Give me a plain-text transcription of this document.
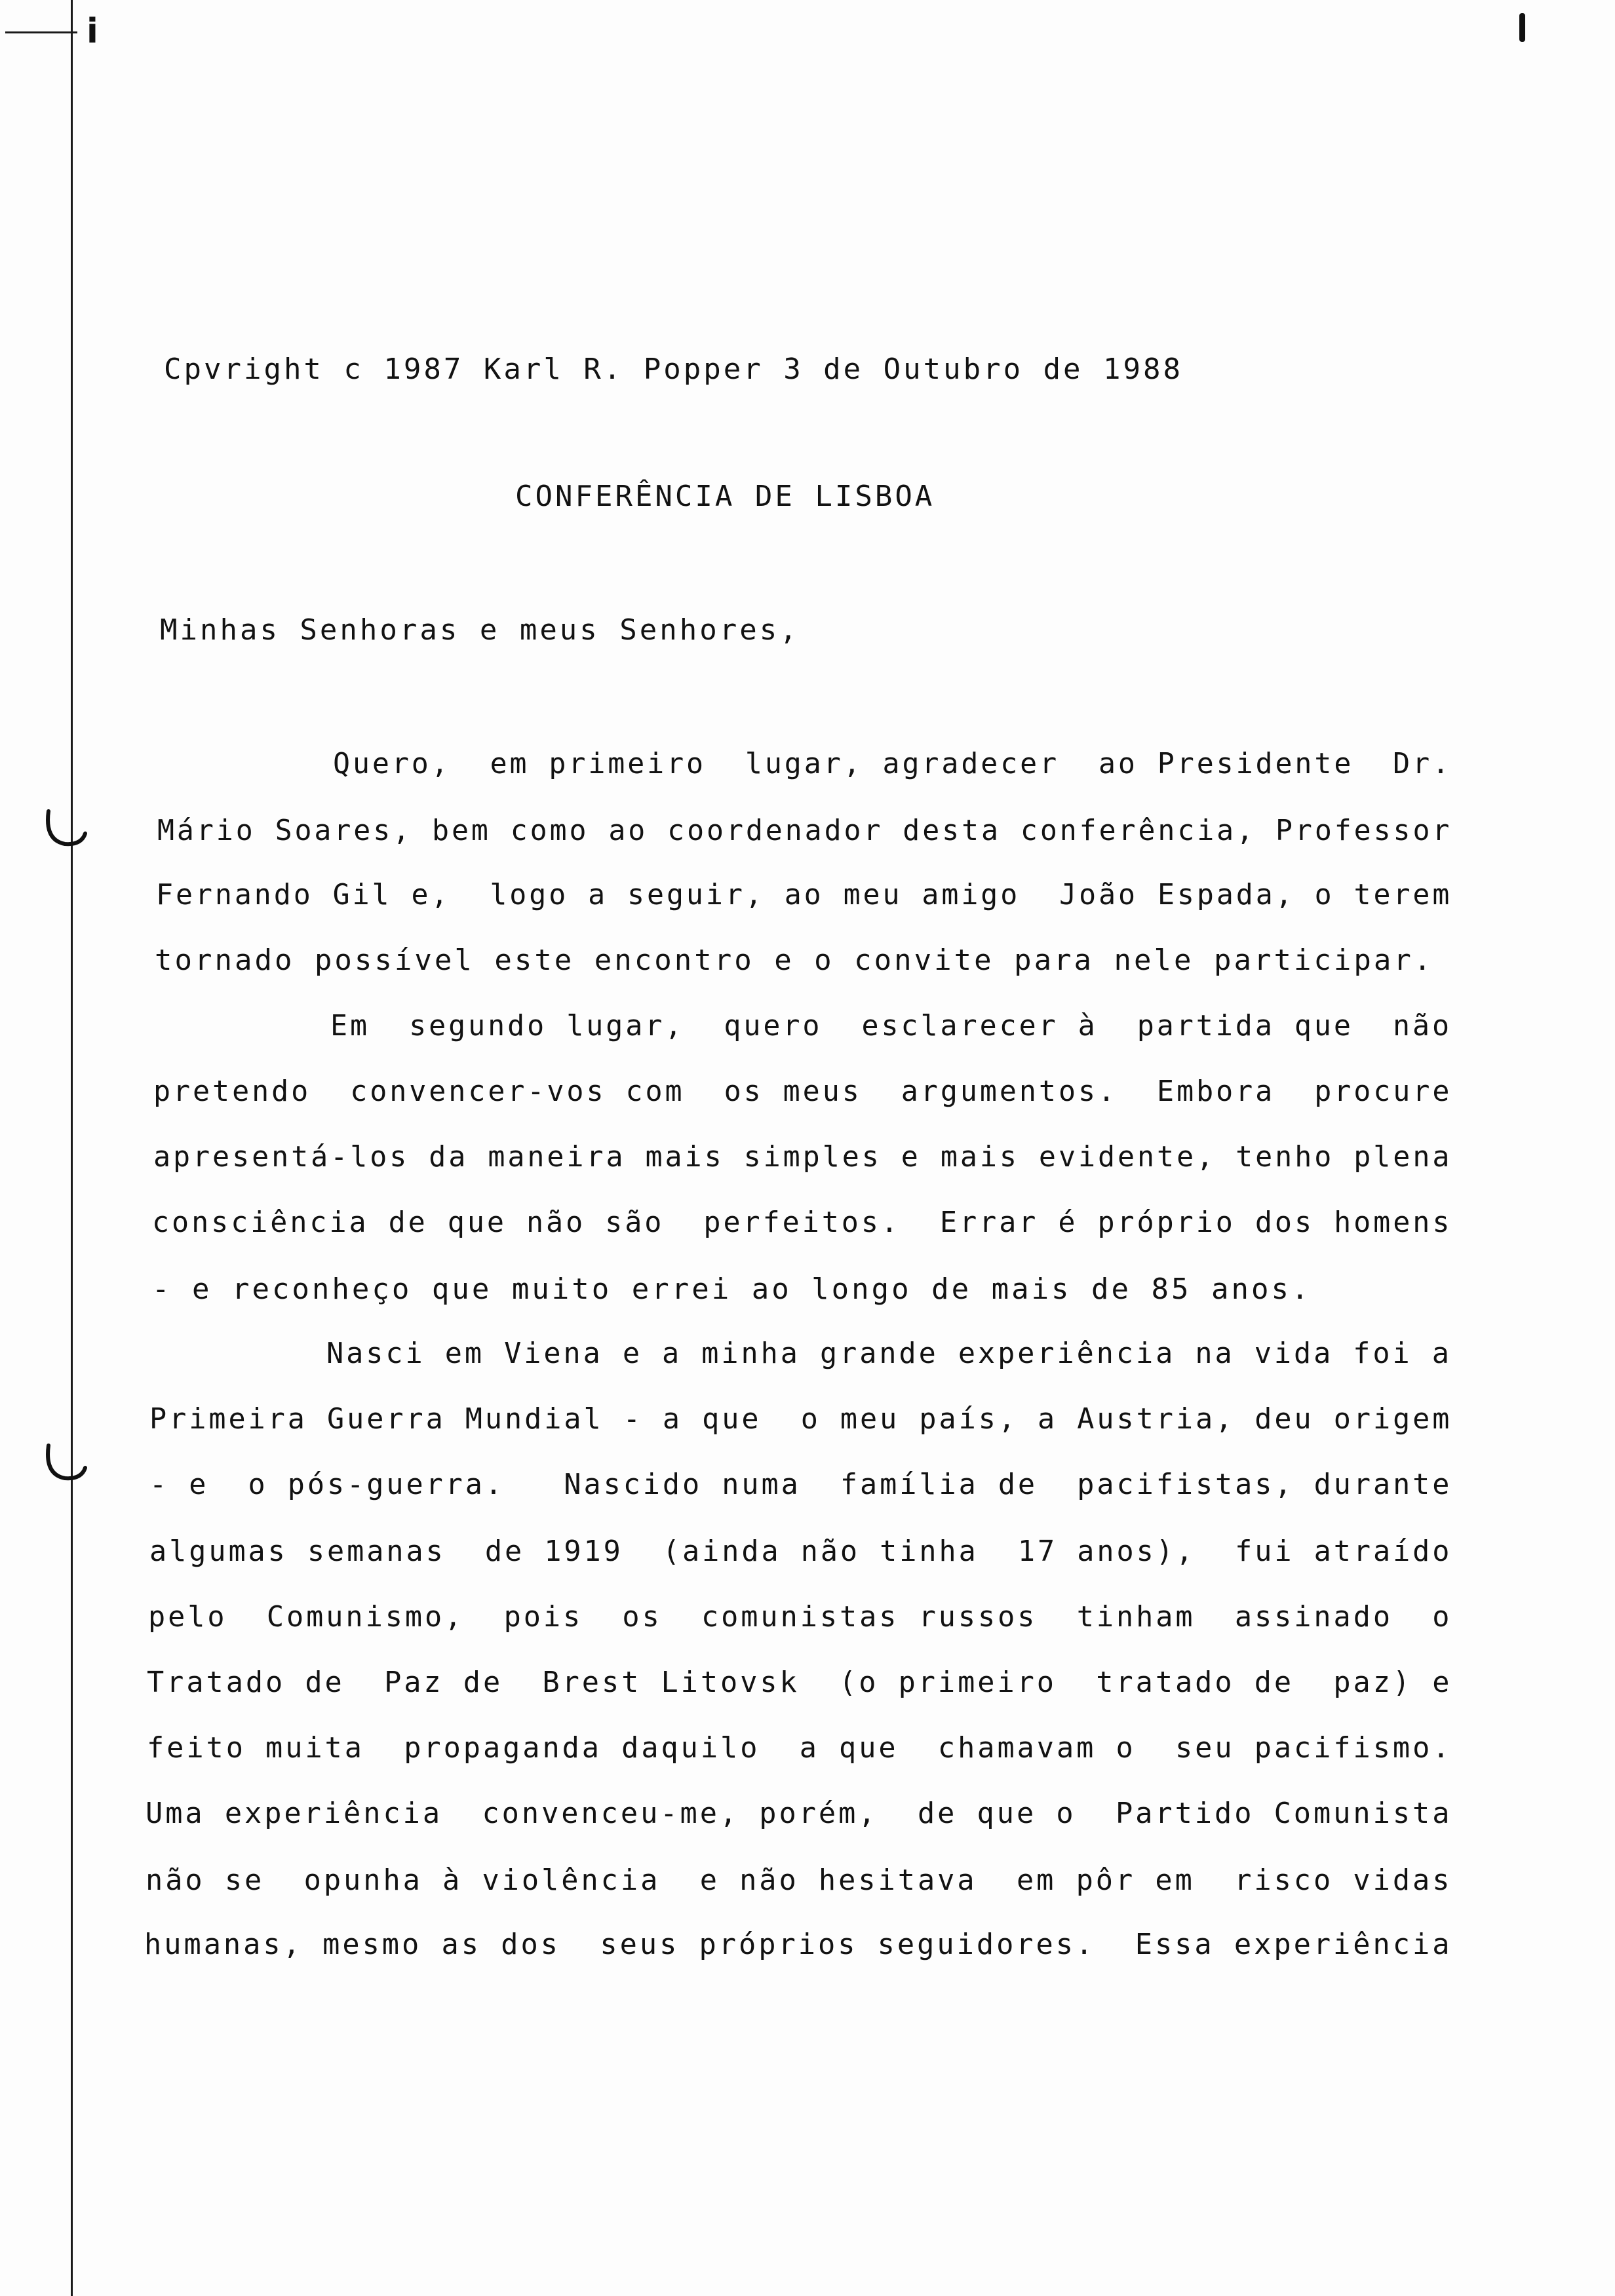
i
Cpvright c 1987 Karl R. Popper 3 de Outubro de 1988
CONFERÊNCIA DE LISBOA
Minhas Senhoras e meus Senhores,
Quero,  em primeiro  lugar, agradecer  ao Presidente  Dr.
Mário Soares, bem como ao coordenador desta conferência, Professor
Fernando Gil e,  logo a seguir, ao meu amigo  João Espada, o terem
tornado possível este encontro e o convite para nele participar.
Em  segundo lugar,  quero  esclarecer à  partida que  não
pretendo  convencer-vos com  os meus  argumentos.  Embora  procure
apresentá-los da maneira mais simples e mais evidente, tenho plena
consciência de que não são  perfeitos.  Errar é próprio dos homens
- e reconheço que muito errei ao longo de mais de 85 anos.
Nasci em Viena e a minha grande experiência na vida foi a
Primeira Guerra Mundial - a que  o meu país, a Austria, deu origem
- e  o pós-guerra.   Nascido numa  família de  pacifistas, durante
algumas semanas  de 1919  (ainda não tinha  17 anos),  fui atraído
pelo  Comunismo,  pois  os  comunistas russos  tinham  assinado  o
Tratado de  Paz de  Brest Litovsk  (o primeiro  tratado de  paz) e
feito muita  propaganda daquilo  a que  chamavam o  seu pacifismo.
Uma experiência  convenceu-me, porém,  de que o  Partido Comunista
não se  opunha à violência  e não hesitava  em pôr em  risco vidas
humanas, mesmo as dos  seus próprios seguidores.  Essa experiência
